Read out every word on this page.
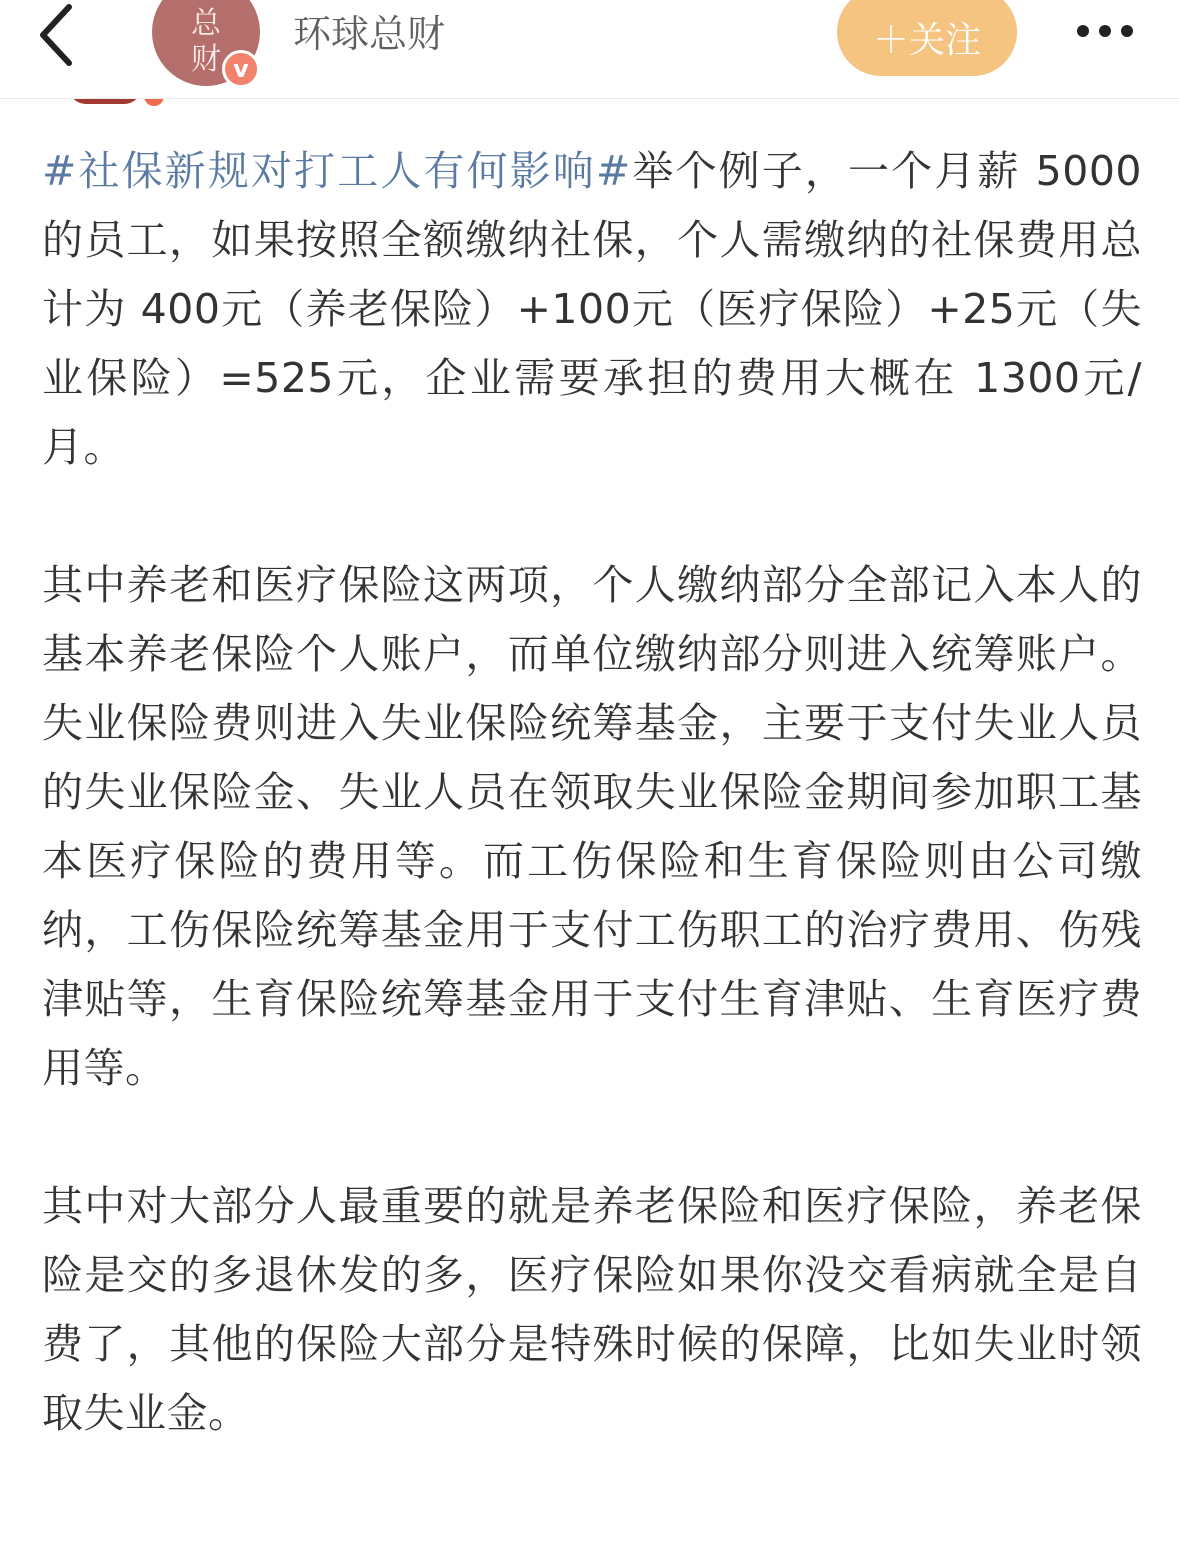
总财 v
环球总财	＋关注

#社保新规对打工人有何影响#举个例子，一个月薪 5000的员工，如果按照全额缴纳社保，个人需缴纳的社保费用总计为 400元（养老保险）+100元（医疗保险）+25元（失业保险）=525元，企业需要承担的费用大概在 1300元/月。

其中养老和医疗保险这两项，个人缴纳部分全部记入本人的基本养老保险个人账户，而单位缴纳部分则进入统筹账户。失业保险费则进入失业保险统筹基金，主要于支付失业人员的失业保险金、失业人员在领取失业保险金期间参加职工基本医疗保险的费用等。而工伤保险和生育保险则由公司缴纳，工伤保险统筹基金用于支付工伤职工的治疗费用、伤残津贴等，生育保险统筹基金用于支付生育津贴、生育医疗费用等。

其中对大部分人最重要的就是养老保险和医疗保险，养老保险是交的多退休发的多，医疗保险如果你没交看病就全是自费了，其他的保险大部分是特殊时候的保障，比如失业时领取失业金。
